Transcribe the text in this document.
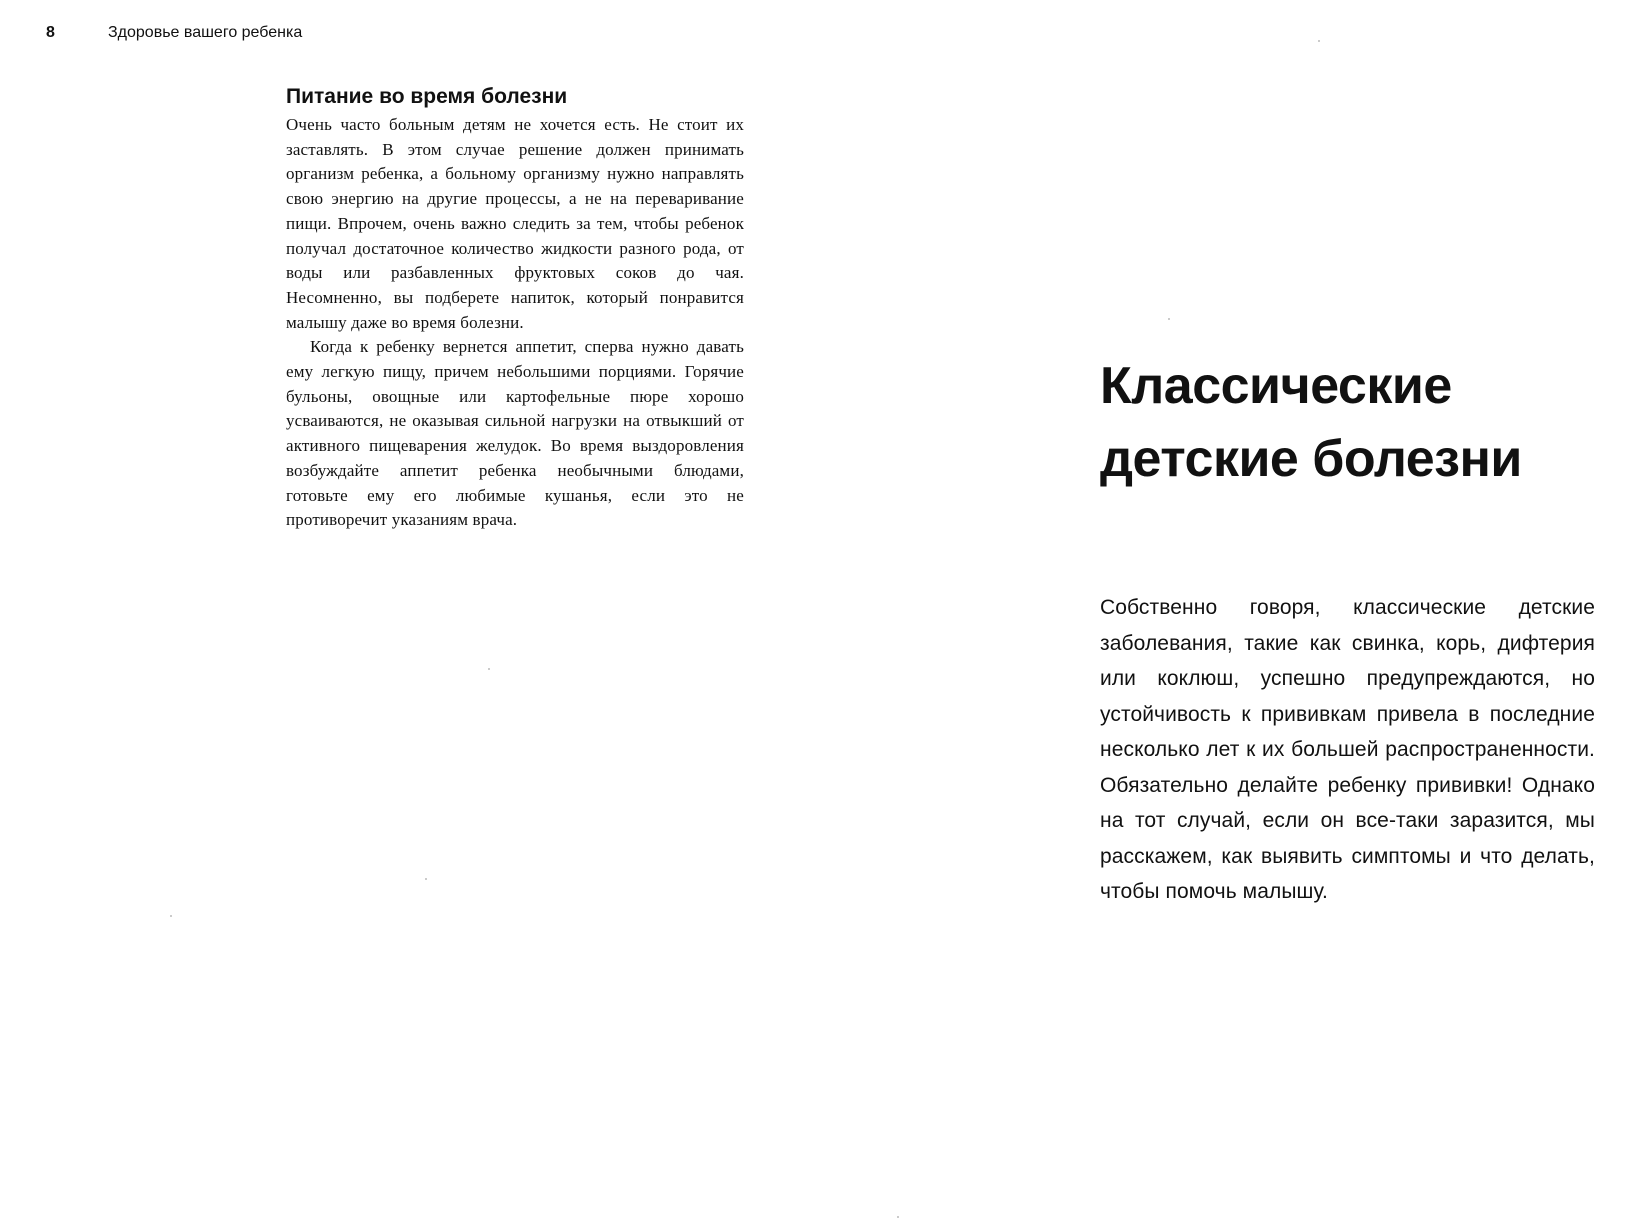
8	Здоровье вашего ребенка
Питание во время болезни

Очень часто больным детям не хочется есть. Не стоит их заставлять. В этом случае решение должен принимать организм ребенка, а больному организму нужно направлять свою энергию на другие процессы, а не на переваривание пищи. Впрочем, очень важно следить за тем, чтобы ребенок получал достаточное количество жидкости разного рода, от воды или разбавленных фруктовых соков до чая. Несомненно, вы подберете напиток, который понравится малышу даже во время болезни.

Когда к ребенку вернется аппетит, сперва нужно давать ему легкую пищу, причем небольшими порциями. Горячие бульоны, овощные или картофельные пюре хорошо усваиваются, не оказывая сильной нагрузки на отвыкший от активного пищеварения желудок. Во время выздоровления возбуждайте аппетит ребенка необычными блюдами, готовьте ему его любимые кушанья, если это не противоречит указаниям врача.

Классические
детские болезни

Собственно говоря, классические детские заболевания, такие как свинка, корь, дифтерия или коклюш, успешно предупреждаются, но устойчивость к прививкам привела в последние несколько лет к их большей распространенности. Обязательно делайте ребенку прививки! Однако на тот случай, если он все-таки заразится, мы расскажем, как выявить симптомы и что делать, чтобы помочь малышу.
